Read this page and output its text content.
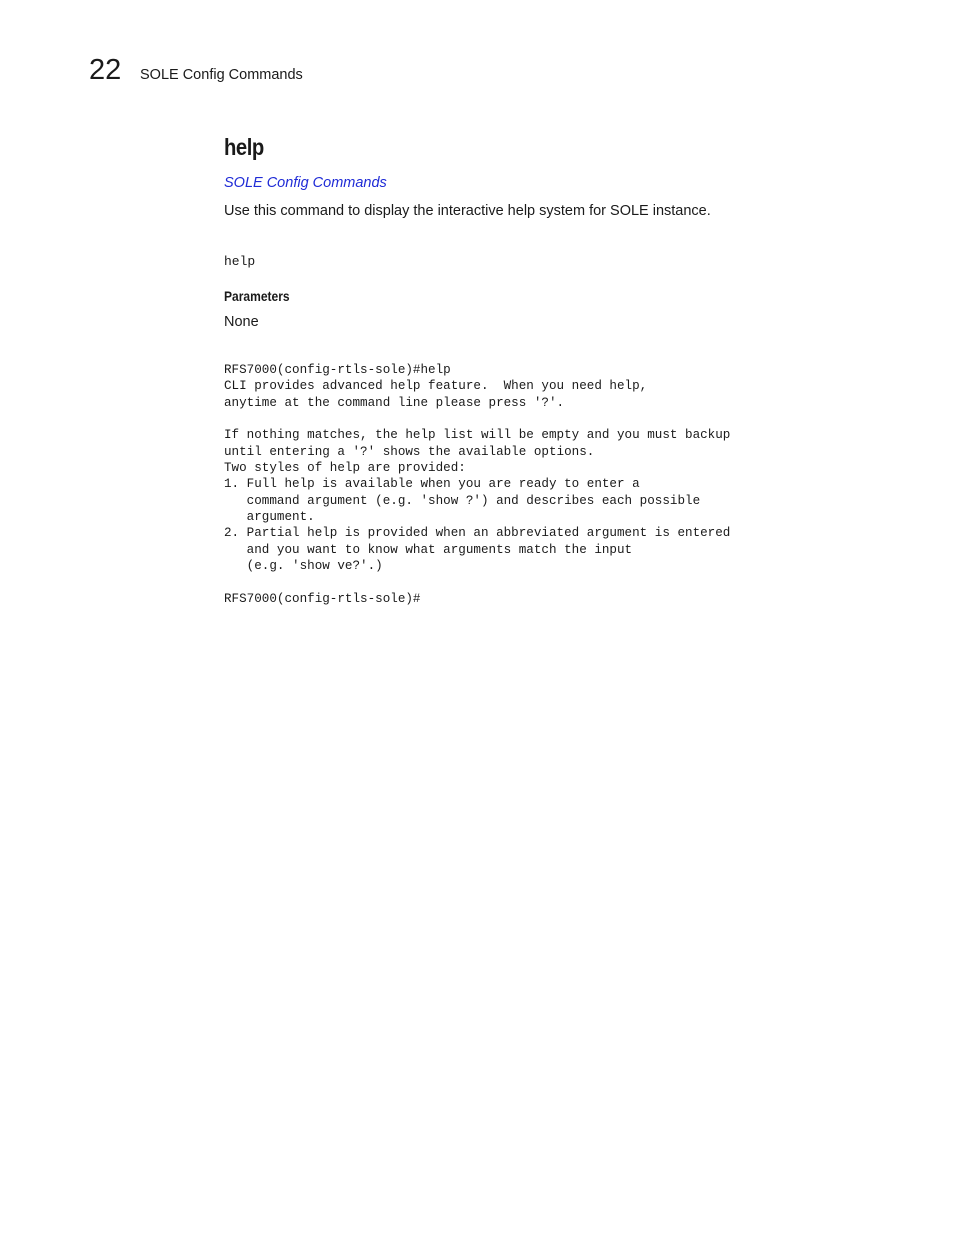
22 SOLE Config Commands
help
SOLE Config Commands
Use this command to display the interactive help system for SOLE instance.
help
Parameters
None
RFS7000(config-rtls-sole)#help
CLI provides advanced help feature.  When you need help,
anytime at the command line please press '?'.

If nothing matches, the help list will be empty and you must backup
until entering a '?' shows the available options.
Two styles of help are provided:
1. Full help is available when you are ready to enter a
command argument (e.g. 'show ?') and describes each possible
argument.
2. Partial help is provided when an abbreviated argument is entered
and you want to know what arguments match the input
(e.g. 'show ve?'.)

RFS7000(config-rtls-sole)#
